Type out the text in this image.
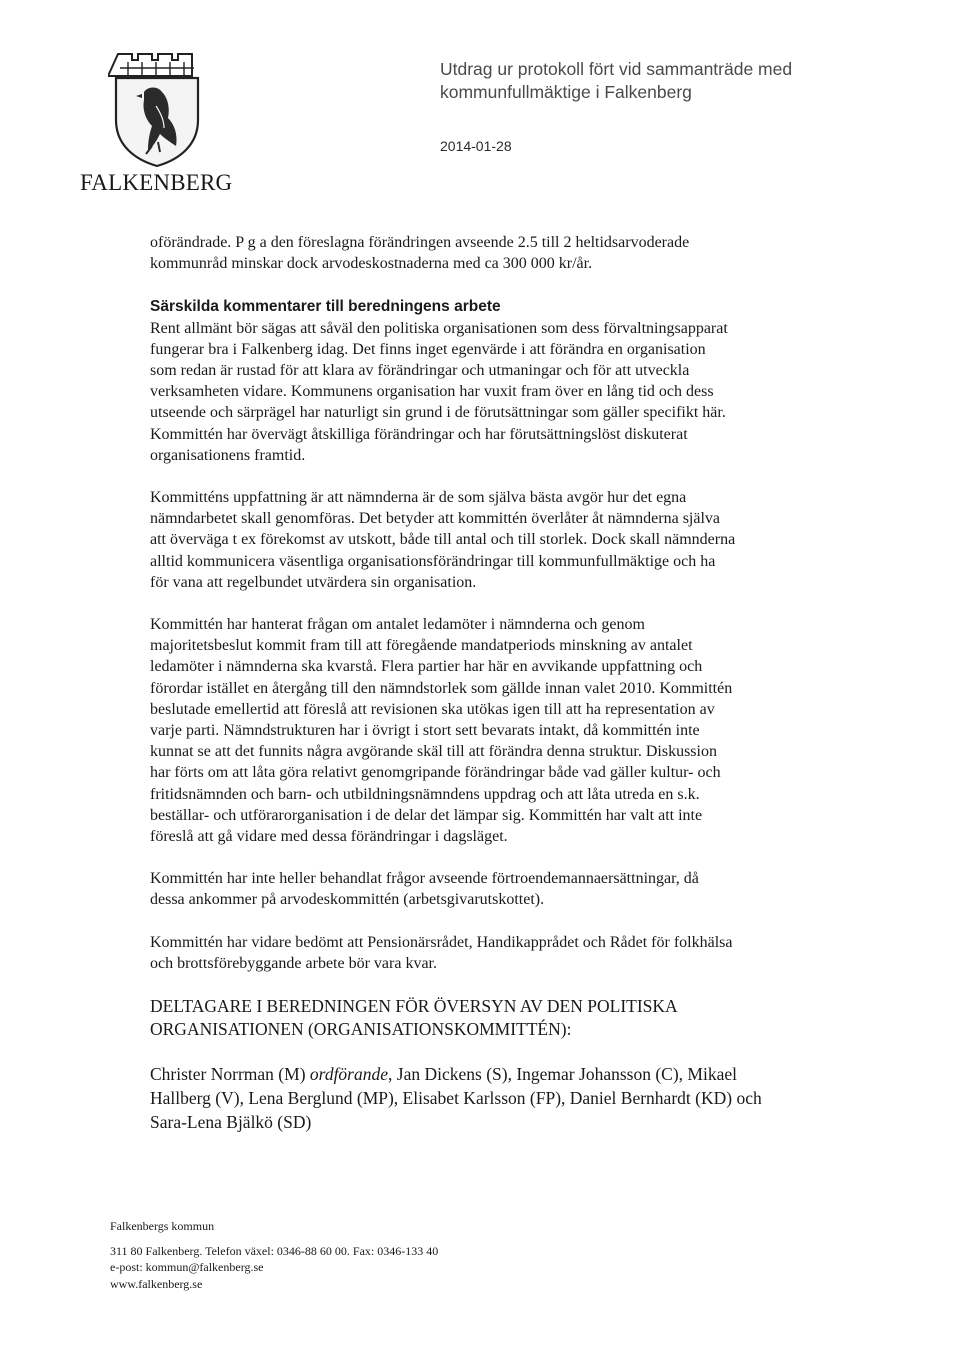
FALKENBERG
Utdrag ur protokoll fört vid sammanträde med
kommunfullmäktige i Falkenberg
2014-01-28

oförändrade. P g a den föreslagna förändringen avseende 2.5 till 2 heltidsarvoderade

kommunråd minskar dock arvodeskostnaderna med ca 300 000 kr/år.

Särskilda kommentarer till beredningens arbete

Rent allmänt bör sägas att såväl den politiska organisationen som dess förvaltningsapparat

fungerar bra i Falkenberg idag. Det finns inget egenvärde i att förändra en organisation

som redan är rustad för att klara av förändringar och utmaningar och för att utveckla

verksamheten vidare. Kommunens organisation har vuxit fram över en lång tid och dess

utseende och särprägel har naturligt sin grund i de förutsättningar som gäller specifikt här.

Kommittén har övervägt åtskilliga förändringar och har förutsättningslöst diskuterat

organisationens framtid.

Kommitténs uppfattning är att nämnderna är de som själva bästa avgör hur det egna

nämndarbetet skall genomföras. Det betyder att kommittén överlåter åt nämnderna själva

att överväga t ex förekomst av utskott, både till antal och till storlek. Dock skall nämnderna

alltid kommunicera väsentliga organisationsförändringar till kommunfullmäktige och ha

för vana att regelbundet utvärdera sin organisation.

Kommittén har hanterat frågan om antalet ledamöter i nämnderna och genom

majoritetsbeslut kommit fram till att föregående mandatperiods minskning av antalet

ledamöter i nämnderna ska kvarstå. Flera partier har här en avvikande uppfattning och

förordar istället en återgång till den nämndstorlek som gällde innan valet 2010. Kommittén

beslutade emellertid att föreslå att revisionen ska utökas igen till att ha representation av

varje parti. Nämndstrukturen har i övrigt i stort sett bevarats intakt, då kommittén inte

kunnat se att det funnits några avgörande skäl till att förändra denna struktur. Diskussion

har förts om att låta göra relativt genomgripande förändringar både vad gäller kultur- och

fritidsnämnden och barn- och utbildningsnämndens uppdrag och att låta utreda en s.k.

beställar- och utförarorganisation i de delar det lämpar sig. Kommittén har valt att inte

föreslå att gå vidare med dessa förändringar i dagsläget.

Kommittén har inte heller behandlat frågor avseende förtroendemannaersättningar, då

dessa ankommer på arvodeskommittén (arbetsgivarutskottet).

Kommittén har vidare bedömt att Pensionärsrådet, Handikapprådet och Rådet för folkhälsa

och brottsförebyggande arbete bör vara kvar.

DELTAGARE I BEREDNINGEN FÖR ÖVERSYN AV DEN POLITISKA

ORGANISATIONEN (ORGANISATIONSKOMMITTÉN):

Christer Norrman (M) ordförande, Jan Dickens (S), Ingemar Johansson (C), Mikael

Hallberg (V), Lena Berglund (MP), Elisabet Karlsson (FP), Daniel Bernhardt (KD) och

Sara-Lena Bjälkö (SD)

Falkenbergs kommun

311 80 Falkenberg. Telefon växel: 0346-88 60 00. Fax: 0346-133 40

e-post: kommun@falkenberg.se

www.falkenberg.se
